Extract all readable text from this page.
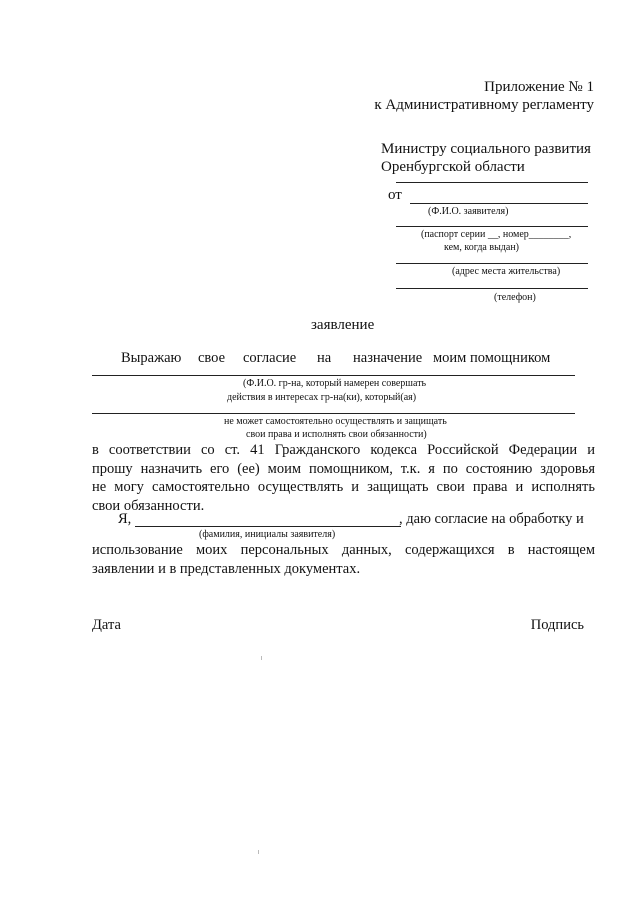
Приложение № 1
к Административному регламенту
Министру социального развития
Оренбургской области
от
(Ф.И.О. заявителя)
(паспорт серии __, номер________,
кем, когда выдан)
(адрес места жительства)
(телефон)
заявление
Выражаю свое согласие на назначение моим помощником
(Ф.И.О. гр-на, который намерен совершать
действия в интересах гр-на(ки), который(ая)
не может самостоятельно осуществлять и защищать
свои права и исполнять свои обязанности)
в соответствии со ст. 41 Гражданского кодекса Российской Федерации и
прошу назначить его (ее) моим помощником, т.к. я по состоянию здоровья
не могу самостоятельно осуществлять и защищать свои права и исполнять
свои обязанности.
Я,	, даю согласие на обработку и
(фамилия, инициалы заявителя)
использование моих персональных данных, содержащихся в настоящем
заявлении и в представленных документах.
Дата	Подпись
